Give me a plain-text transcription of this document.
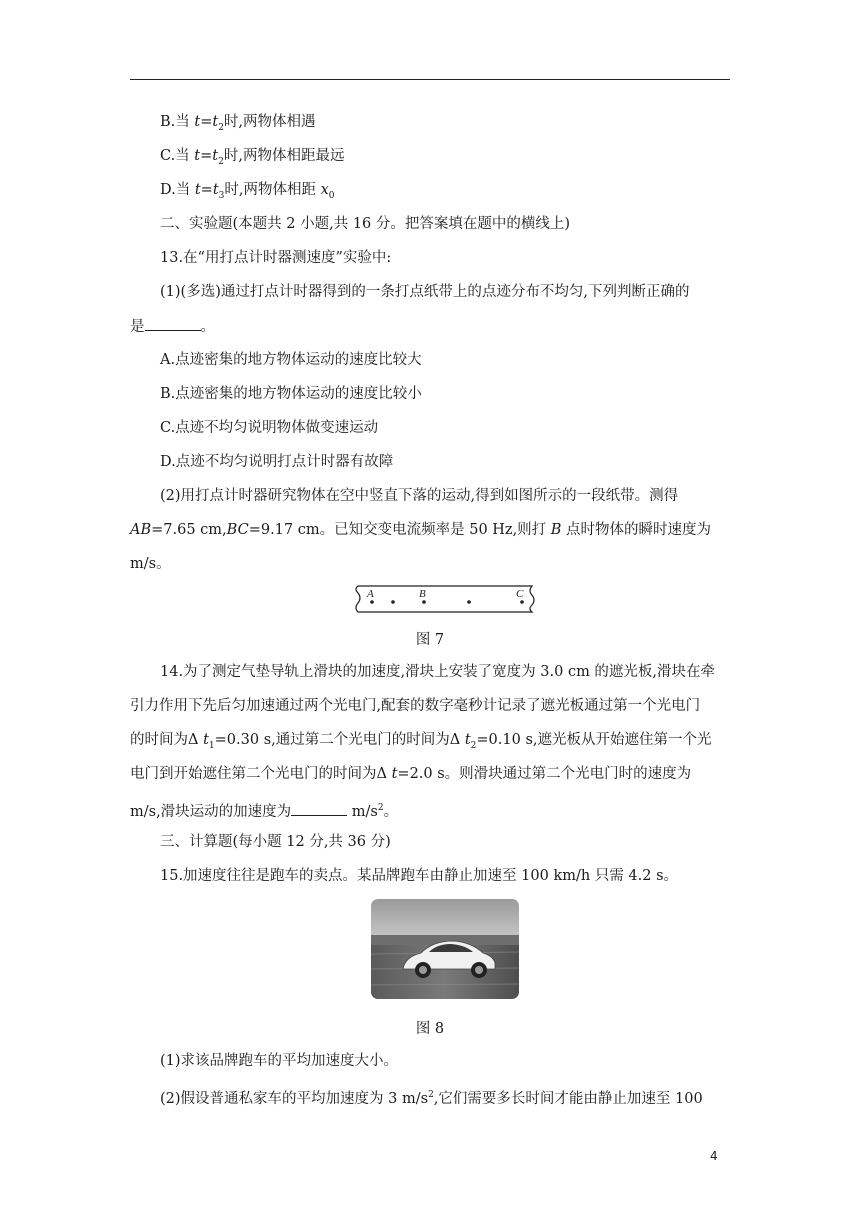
B.当 $t=t_2$时,两物体相遇
C.当 $t=t_2$时,两物体相距最远
D.当 $t=t_3$时,两物体相距 $x_0$
二、实验题(本题共 2 小题,共 16 分。把答案填在题中的横线上)
13.在“用打点计时器测速度”实验中:
(1)(多选)通过打点计时器得到的一条打点纸带上的点迹分布不均匀,下列判断正确的
是	。
A.点迹密集的地方物体运动的速度比较大
B.点迹密集的地方物体运动的速度比较小
C.点迹不均匀说明物体做变速运动
D.点迹不均匀说明打点计时器有故障
(2)用打点计时器研究物体在空中竖直下落的运动,得到如图所示的一段纸带。测得
AB=7.65 cm,BC=9.17 cm。已知交变电流频率是 50 Hz,则打 B 点时物体的瞬时速度为
m/s。
A	B	C
图 7
14.为了测定气垫导轨上滑块的加速度,滑块上安装了宽度为 3.0 cm 的遮光板,滑块在牵
引力作用下先后匀加速通过两个光电门,配套的数字毫秒计记录了遮光板通过第一个光电门
的时间为Δ $t_1=0.30$ s,通过第二个光电门的时间为Δ $t_2=0.10$ s,遮光板从开始遮住第一个光
电门到开始遮住第二个光电门的时间为Δ t=2.0 s。则滑块通过第二个光电门时的速度为
m/s,滑块运动的加速度为	$m/s^2$。
三、计算题(每小题 12 分,共 36 分)
15.加速度往往是跑车的卖点。某品牌跑车由静止加速至 100 km/h 只需 4.2 s。
图 8
(1)求该品牌跑车的平均加速度大小。
(2)假设普通私家车的平均加速度为 3 $m/s^2$,它们需要多长时间才能由静止加速至 100
4
